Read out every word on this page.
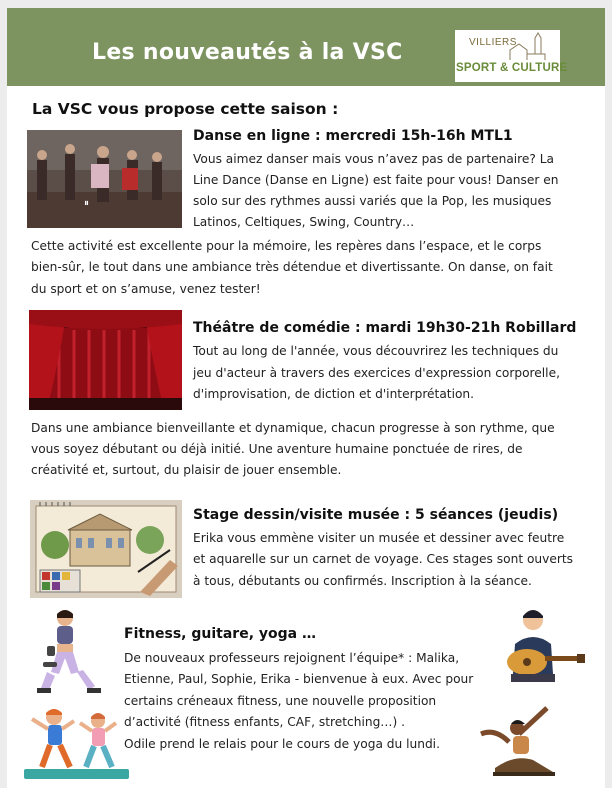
Les nouveautés à la VSC	VILLIERS
SPORT & CULTURE
La VSC vous propose cette saison :
⏸
Danse en ligne : mercredi 15h-16h MTL1
Vous aimez danser mais vous n’avez pas de partenaire? La
Line Dance (Danse en Ligne) est faite pour vous! Danser en
solo sur des rythmes aussi variés que la Pop, les musiques
Latinos, Celtiques, Swing, Country…
Cette activité est excellente pour la mémoire, les repères dans l’espace, et le corps
bien-sûr, le tout dans une ambiance très détendue et divertissante. On danse, on fait
du sport et on s’amuse, venez tester!
Théâtre de comédie : mardi 19h30-21h Robillard
Tout au long de l'année, vous découvrirez les techniques du
jeu d'acteur à travers des exercices d'expression corporelle,
d'improvisation, de diction et d'interprétation.
Dans une ambiance bienveillante et dynamique, chacun progresse à son rythme, que
vous soyez débutant ou déjà initié. Une aventure humaine ponctuée de rires, de
créativité et, surtout, du plaisir de jouer ensemble.
Stage dessin/visite musée : 5 séances (jeudis)
Erika vous emmène visiter un musée et dessiner avec feutre
et aquarelle sur un carnet de voyage. Ces stages sont ouverts
à tous, débutants ou confirmés. Inscription à la séance.
Fitness, guitare, yoga …
De nouveaux professeurs rejoignent l’équipe* : Malika,
Etienne, Paul, Sophie, Erika - bienvenue à eux. Avec pour
certains créneaux fitness, une nouvelle proposition
d’activité (fitness enfants, CAF, stretching…) .
Odile prend le relais pour le cours de yoga du lundi.
